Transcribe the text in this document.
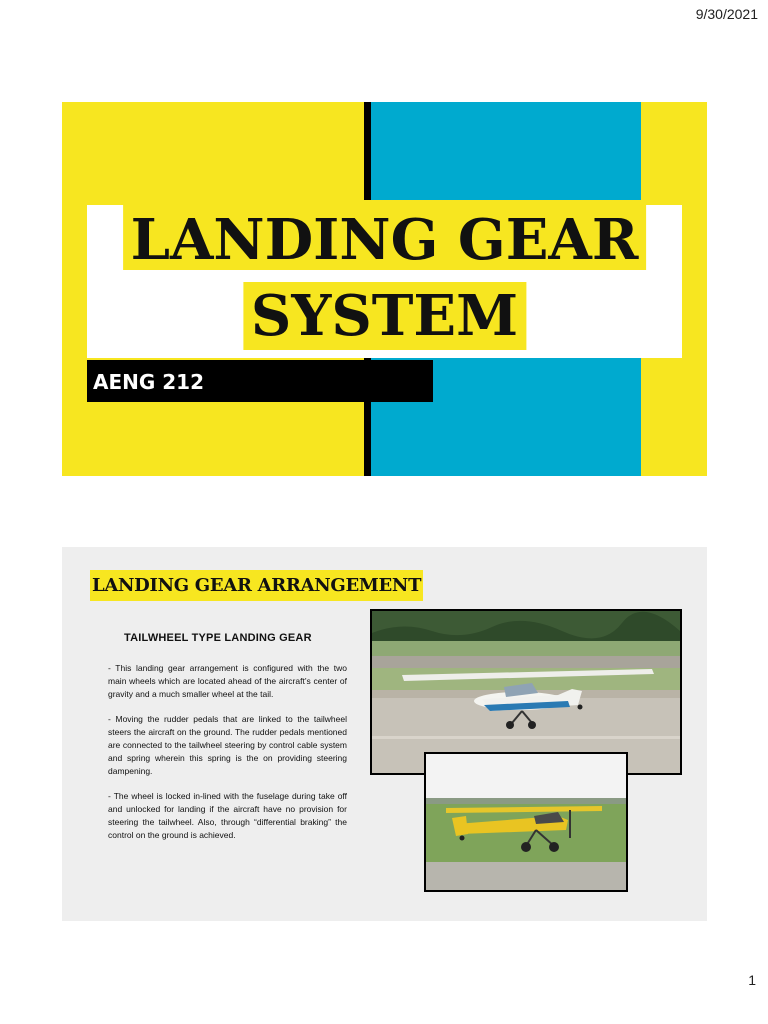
9/30/2021
LANDING GEAR
SYSTEM
AENG 212
LANDING GEAR ARRANGEMENT
TAILWHEEL TYPE LANDING GEAR

- This landing gear arrangement is configured with the two main wheels which are located ahead of the aircraft’s center of gravity and a much smaller wheel at the tail.

- Moving the rudder pedals that are linked to the tailwheel steers the aircraft on the ground. The rudder pedals mentioned are connected to the tailwheel steering by control cable system and spring wherein this spring is the on providing steering dampening.

- The wheel is locked in-lined with the fuselage during take off and unlocked for landing if the aircraft have no provision for steering the tailwheel. Also, through “differential braking” the control on the ground is achieved.

1
